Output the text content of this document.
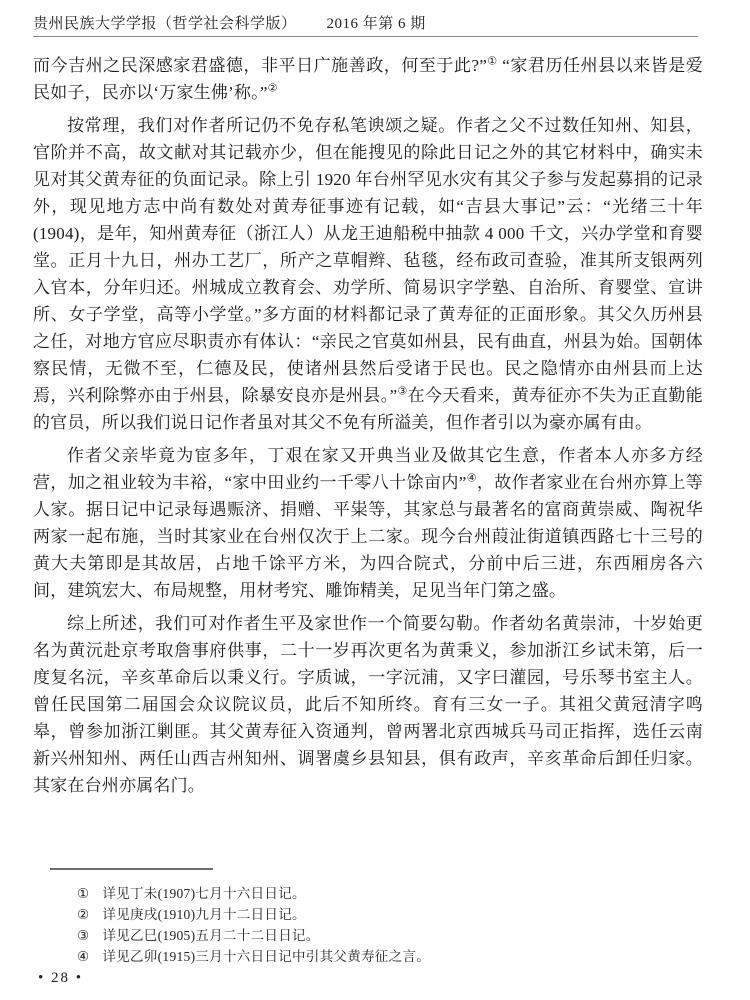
贵州民族大学学报（哲学社会科学版） 2016 年第 6 期

而今吉州之民深感家君盛德，非平日广施善政，何至于此?”① “家君历任州县以来皆是爱民如子，民亦以‘万家生佛’称。”②

按常理，我们对作者所记仍不免存私笔谀颂之疑。作者之父不过数任知州、知县，官阶并不高，故文献对其记载亦少，但在能搜见的除此日记之外的其它材料中，确实未见对其父黄寿征的负面记录。除上引 1920 年台州罕见水灾有其父子参与发起募捐的记录外，现见地方志中尚有数处对黄寿征事迹有记载，如“吉县大事记”云：“光绪三十年(1904)，是年，知州黄寿征（浙江人）从龙王迪船税中抽款 4 000 千文，兴办学堂和育婴堂。正月十九日，州办工艺厂，所产之草帽辫、毡毯，经布政司查验，准其所支银两列入官本，分年归还。州城成立教育会、劝学所、简易识字学塾、自治所、育婴堂、宣讲所、女子学堂，高等小学堂。”多方面的材料都记录了黄寿征的正面形象。其父久历州县之任，对地方官应尽职责亦有体认：“亲民之官莫如州县，民有曲直，州县为始。国朝体察民情，无微不至，仁德及民，使诸州县然后受诸于民也。民之隐情亦由州县而上达焉，兴利除弊亦由于州县，除暴安良亦是州县。”③在今天看来，黄寿征亦不失为正直勤能的官员，所以我们说日记作者虽对其父不免有所溢美，但作者引以为豪亦属有由。

作者父亲毕竟为宦多年，丁艰在家又开典当业及做其它生意，作者本人亦多方经营，加之祖业较为丰裕，“家中田业约一千零八十馀亩内”④，故作者家业在台州亦算上等人家。据日记中记录每遇赈济、捐赠、平粜等，其家总与最著名的富商黄崇威、陶祝华两家一起布施，当时其家业在台州仅次于上二家。现今台州葭沚街道镇西路七十三号的黄大夫第即是其故居，占地千馀平方米，为四合院式，分前中后三进，东西厢房各六间，建筑宏大、布局规整，用材考究、雕饰精美，足见当年门第之盛。

综上所述，我们可对作者生平及家世作一个简要勾勒。作者幼名黄崇沛，十岁始更名为黄沅赴京考取詹事府供事，二十一岁再次更名为黄秉义，参加浙江乡试未第，后一度复名沅，辛亥革命后以秉义行。字质诚，一字沅浦，又字曰灌园，号乐琴书室主人。曾任民国第二届国会众议院议员，此后不知所终。育有三女一子。其祖父黄冠清字鸣皋，曾参加浙江剿匪。其父黄寿征入资通判，曾两署北京西城兵马司正指挥，选任云南新兴州知州、两任山西吉州知州、调署虞乡县知县，俱有政声，辛亥革命后卸任归家。其家在台州亦属名门。

① 详见丁未(1907)七月十六日日记。
② 详见庚戌(1910)九月十二日日记。
③ 详见乙巳(1905)五月二十二日日记。
④ 详见乙卯(1915)三月十六日日记中引其父黄寿征之言。
• 28 •
